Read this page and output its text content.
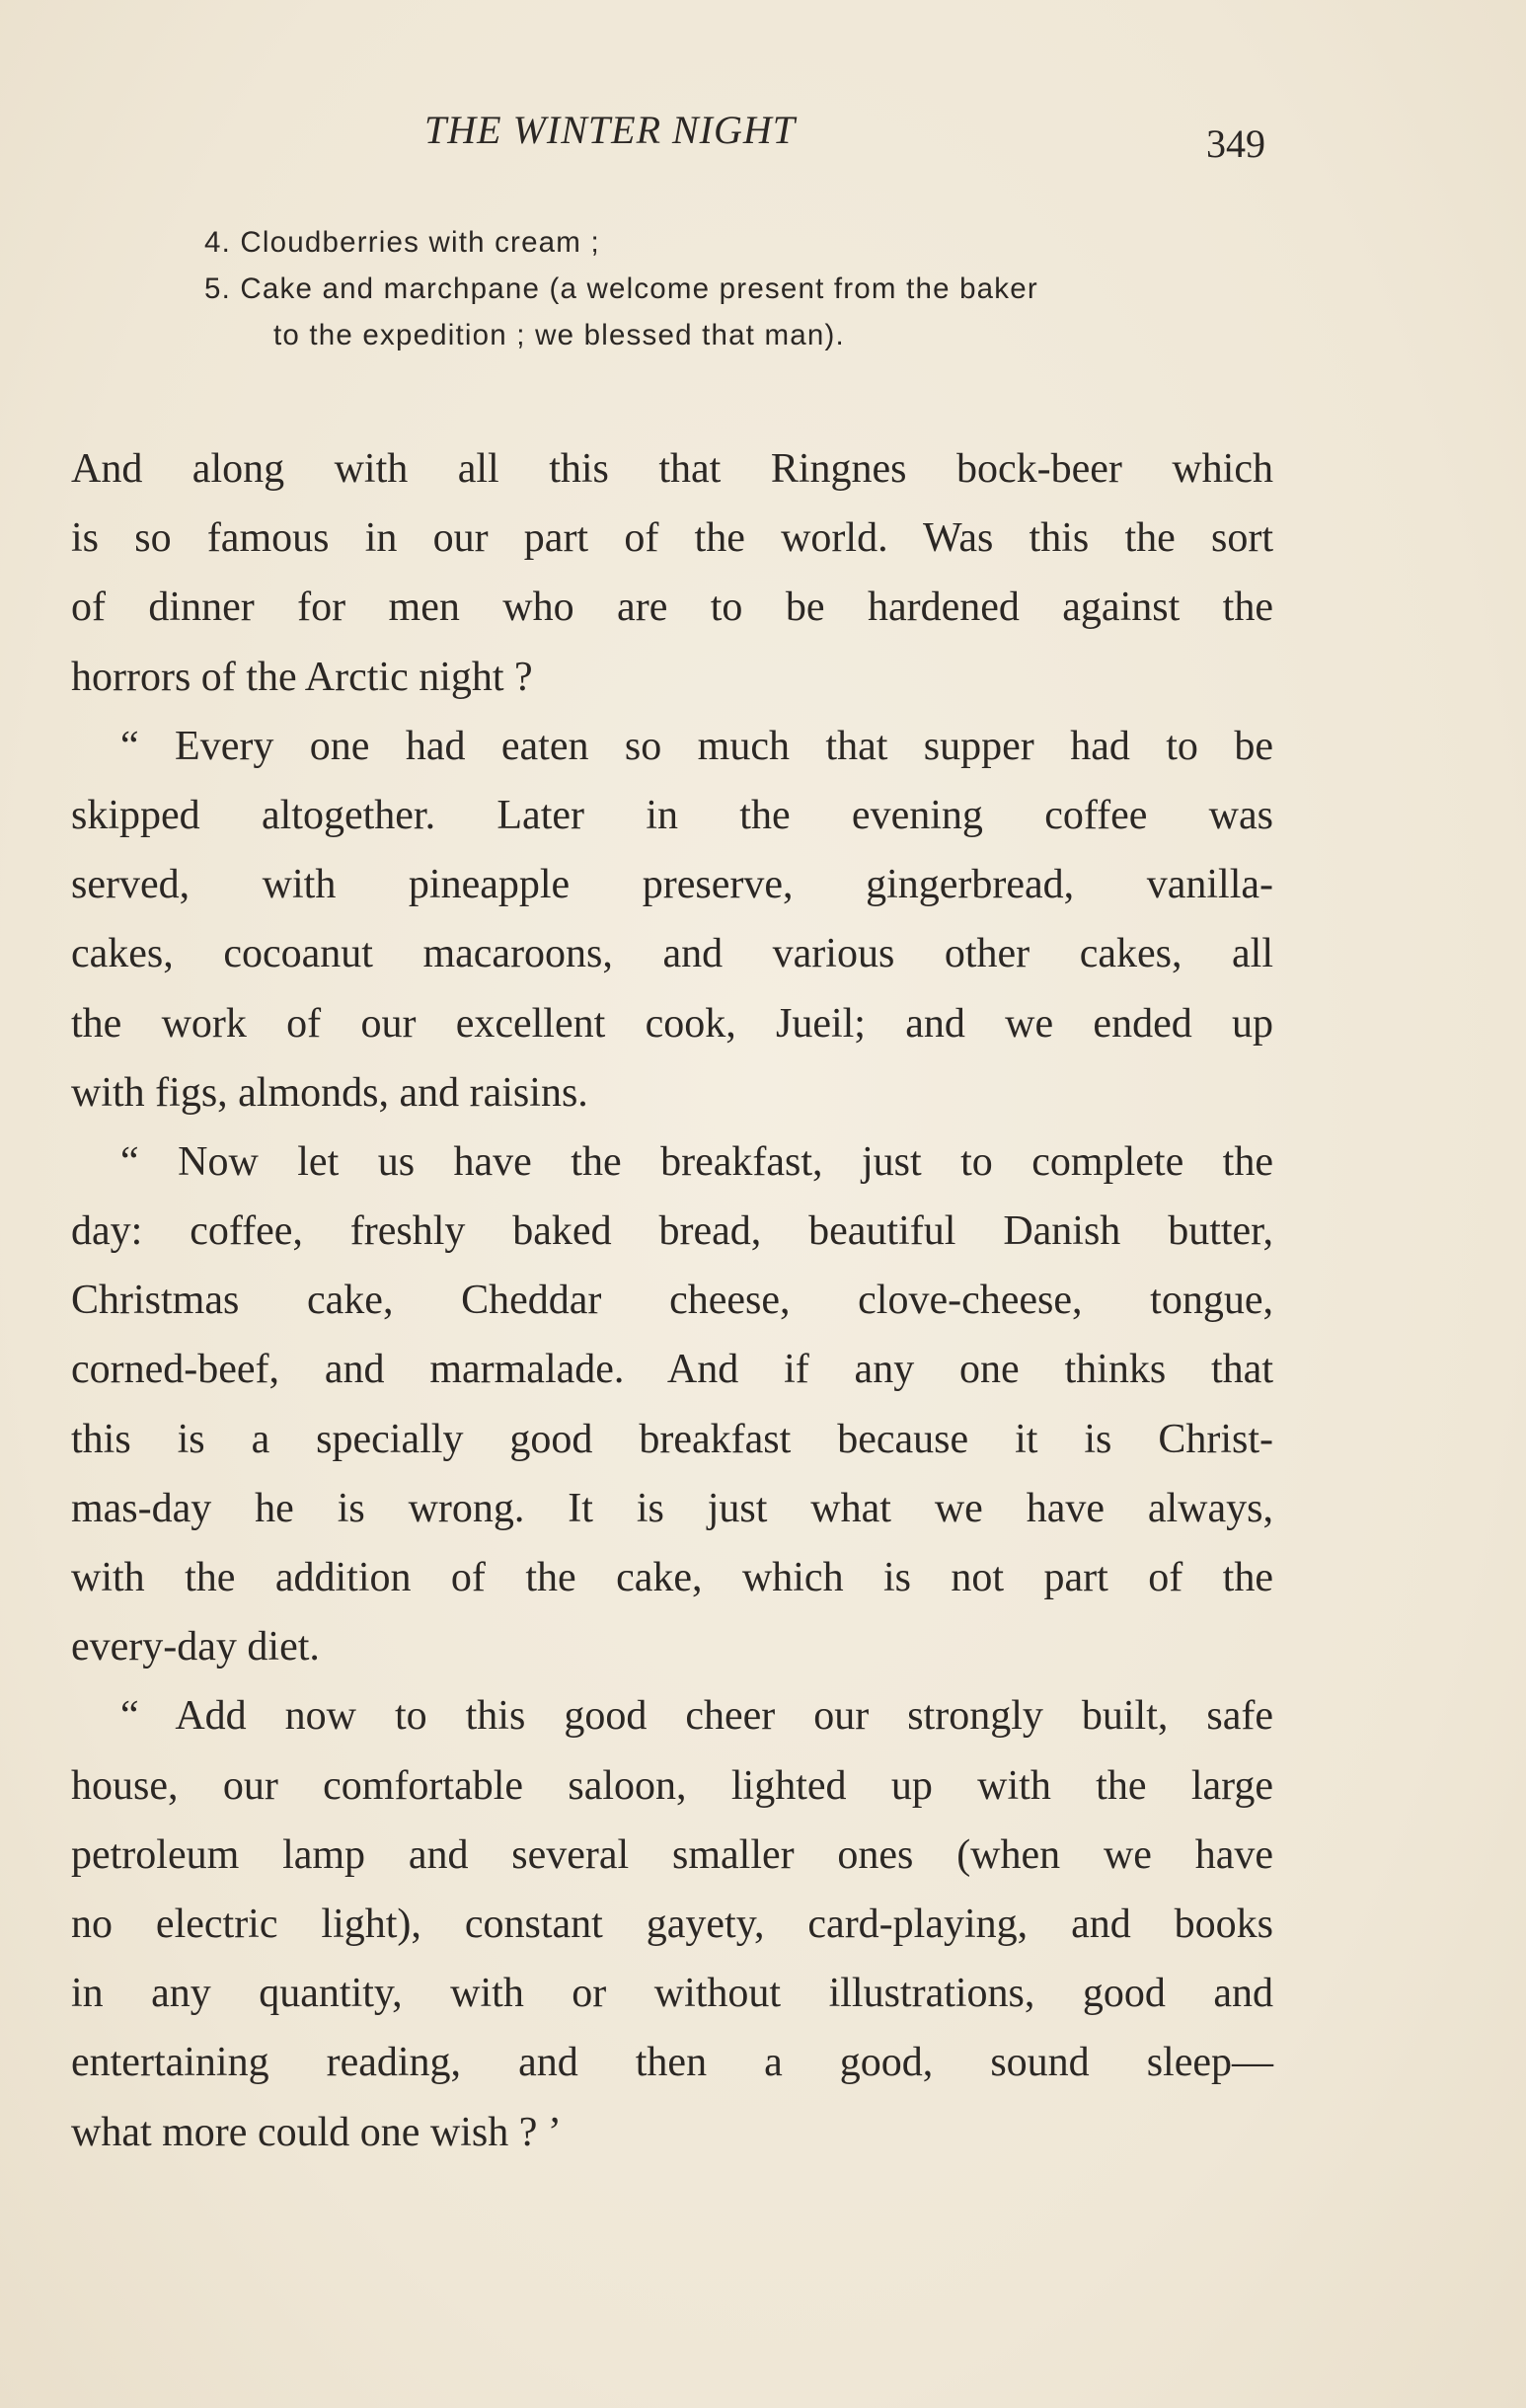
THE WINTER NIGHT	349
4. Cloudberries with cream ;
5. Cake and marchpane (a welcome present from the baker
to the expedition ; we blessed that man).
And along with all this that Ringnes bock-beer which
is so famous in our part of the world. Was this the sort
of dinner for men who are to be hardened against the
horrors of the Arctic night ?
“ Every one had eaten so much that supper had to be
skipped altogether. Later in the evening coffee was
served, with pineapple preserve, gingerbread, vanilla-
cakes, cocoanut macaroons, and various other cakes, all
the work of our excellent cook, Jueil; and we ended up
with figs, almonds, and raisins.
“ Now let us have the breakfast, just to complete the
day: coffee, freshly baked bread, beautiful Danish butter,
Christmas cake, Cheddar cheese, clove-cheese, tongue,
corned-beef, and marmalade. And if any one thinks that
this is a specially good breakfast because it is Christ-
mas-day he is wrong. It is just what we have always,
with the addition of the cake, which is not part of the
every-day diet.
“ Add now to this good cheer our strongly built, safe
house, our comfortable saloon, lighted up with the large
petroleum lamp and several smaller ones (when we have
no electric light), constant gayety, card-playing, and books
in any quantity, with or without illustrations, good and
entertaining reading, and then a good, sound sleep—
what more could one wish ? ’
